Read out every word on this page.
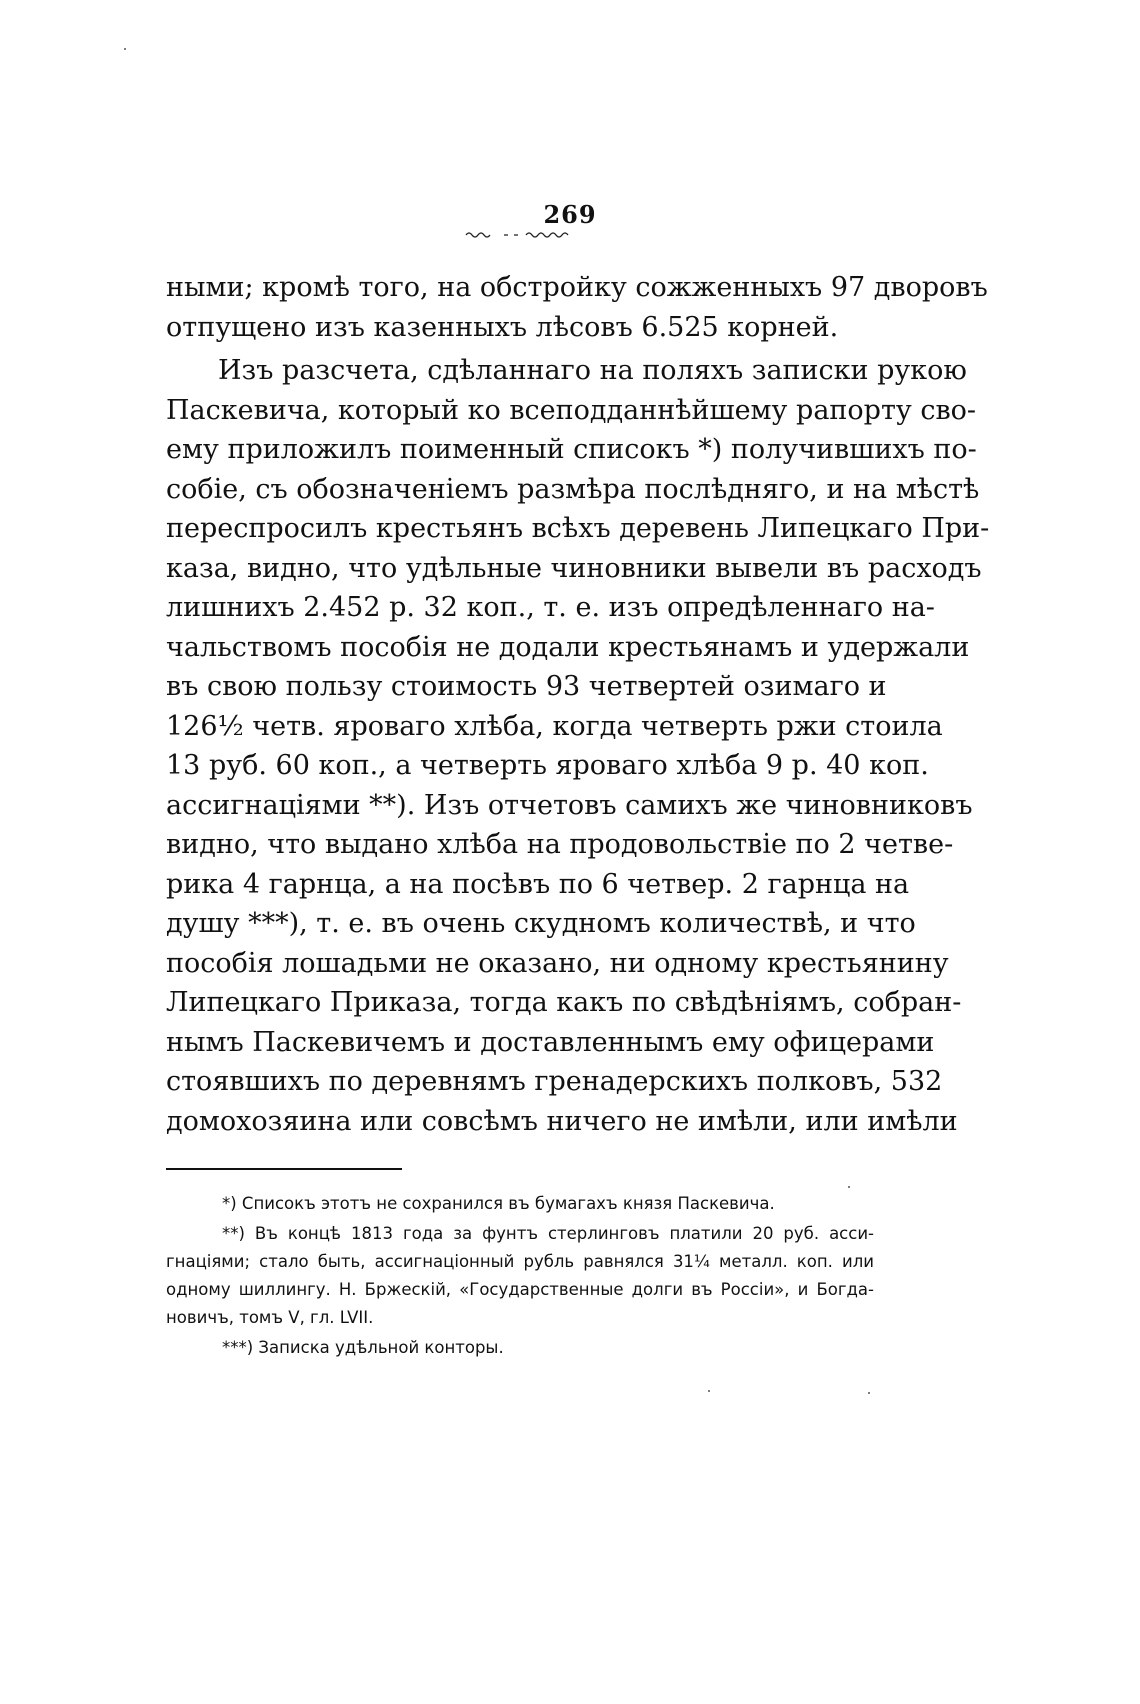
269
ными; кромѣ того, на обстройку сожженныхъ 97 дворовъ
отпущено изъ казенныхъ лѣсовъ 6.525 корней.
Изъ разсчета, сдѣланнаго на поляхъ записки рукою
Паскевича, который ко всеподданнѣйшему рапорту сво-
ему приложилъ поименный списокъ *) получившихъ по-
собіе, съ обозначеніемъ размѣра послѣдняго, и на мѣстѣ
переспросилъ крестьянъ всѣхъ деревень Липецкаго При-
каза, видно, что удѣльные чиновники вывели въ расходъ
лишнихъ 2.452 р. 32 коп., т. е. изъ опредѣленнаго на-
чальствомъ пособія не додали крестьянамъ и удержали
въ свою пользу стоимость 93 четвертей озимаго и
126½ четв. яроваго хлѣба, когда четверть ржи стоила
13 руб. 60 коп., а четверть яроваго хлѣба 9 р. 40 коп.
ассигнаціями **). Изъ отчетовъ самихъ же чиновниковъ
видно, что выдано хлѣба на продовольствіе по 2 четве-
рика 4 гарнца, а на посѣвъ по 6 четвер. 2 гарнца на
душу ***), т. е. въ очень скудномъ количествѣ, и что
пособія лошадьми не оказано, ни одному крестьянину
Липецкаго Приказа, тогда какъ по свѣдѣніямъ, собран-
нымъ Паскевичемъ и доставленнымъ ему офицерами
стоявшихъ по деревнямъ гренадерскихъ полковъ, 532
домохозяина или совсѣмъ ничего не имѣли, или имѣли
*) Списокъ этотъ не сохранился въ бумагахъ князя Паскевича.
**) Въ концѣ 1813 года за фунтъ стерлинговъ платили 20 руб. асси-
гнаціями; стало быть, ассигнаціонный рубль равнялся 31¼ металл. коп. или
одному шиллингу. Н. Бржескій, «Государственные долги въ Россіи», и Богда-
новичъ, томъ V, гл. LVII.
***) Записка удѣльной конторы.
